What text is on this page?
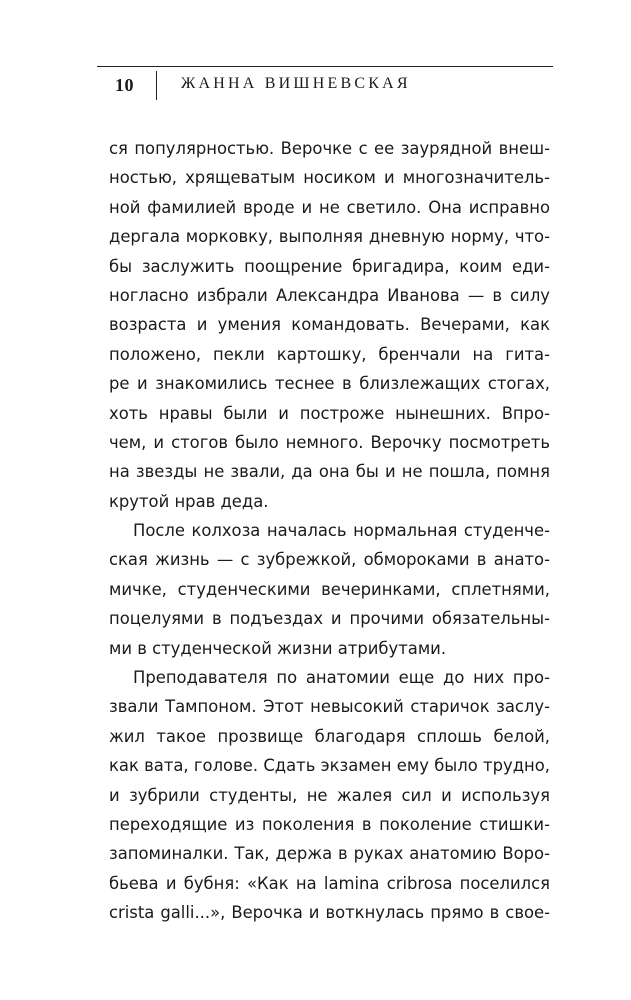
10	ЖАННА ВИШНЕВСКАЯ
ся популярностью. Верочке с ее заурядной внеш-
ностью, хрящеватым носиком и многозначитель-
ной фамилией вроде и не светило. Она исправно
дергала морковку, выполняя дневную норму, что-
бы заслужить поощрение бригадира, коим еди-
ногласно избрали Александра Иванова — в силу
возраста и умения командовать. Вечерами, как
положено, пекли картошку, бренчали на гита-
ре и знакомились теснее в близлежащих стогах,
хоть нравы были и построже нынешних. Впро-
чем, и стогов было немного. Верочку посмотреть
на звезды не звали, да она бы и не пошла, помня
крутой нрав деда.
После колхоза началась нормальная студенче-
ская жизнь — с зубрежкой, обмороками в анато-
мичке, студенческими вечеринками, сплетнями,
поцелуями в подъездах и прочими обязательны-
ми в студенческой жизни атрибутами.
Преподавателя по анатомии еще до них про-
звали Тампоном. Этот невысокий старичок заслу-
жил такое прозвище благодаря сплошь белой,
как вата, голове. Сдать экзамен ему было трудно,
и зубрили студенты, не жалея сил и используя
переходящие из поколения в поколение стишки-
запоминалки. Так, держа в руках анатомию Воро-
бьева и бубня: «Как на lamina cribrosa поселился
crista galli...», Верочка и воткнулась прямо в свое-
